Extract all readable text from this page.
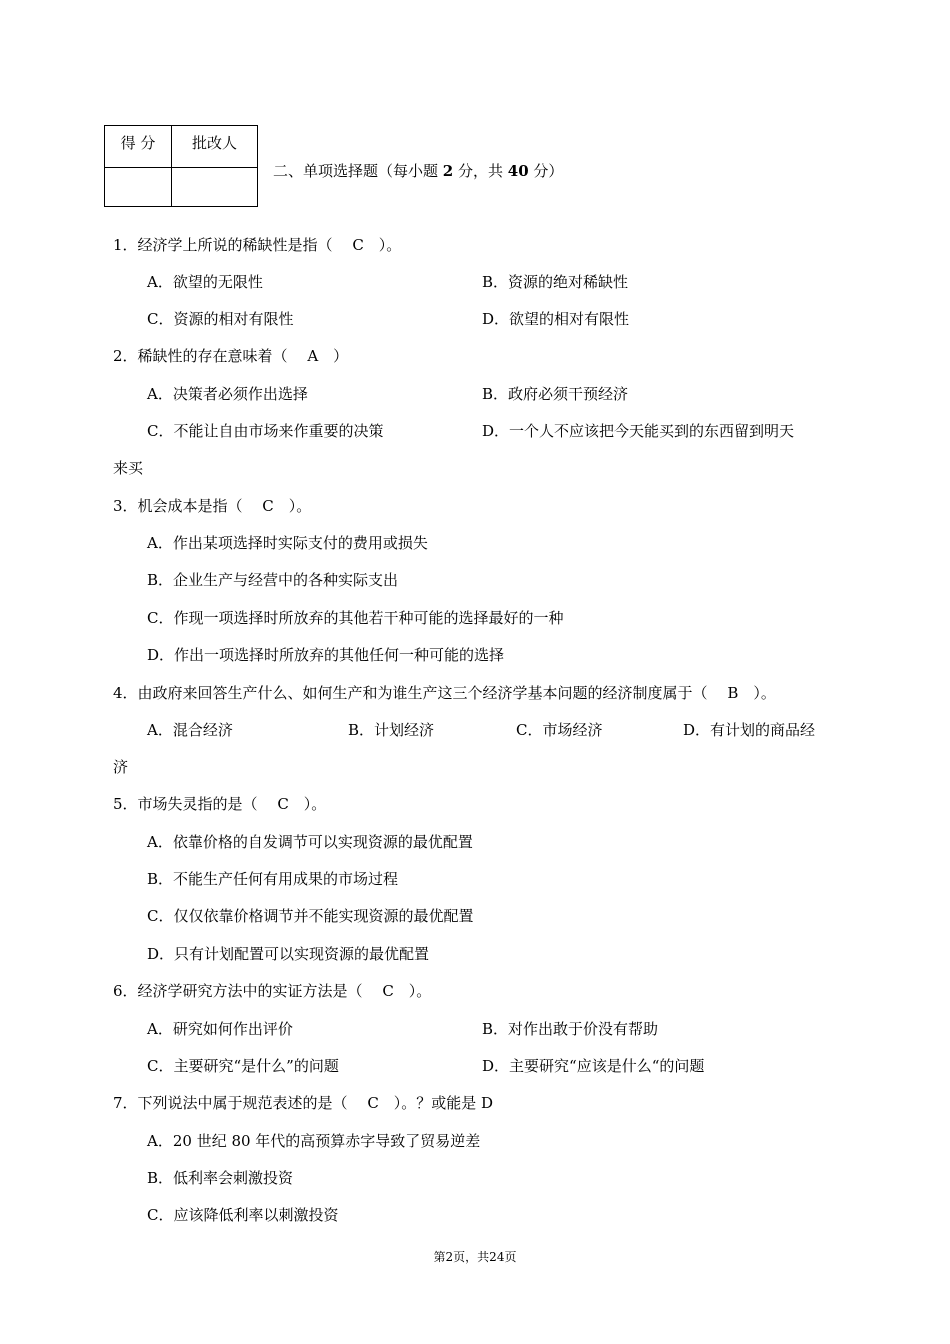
得 分	批改人

二、单项选择题（每小题 2 分，共 40 分）
1．经济学上所说的稀缺性是指（　 C　）。
A．欲望的无限性	B．资源的绝对稀缺性
C．资源的相对有限性	D．欲望的相对有限性
2．稀缺性的存在意味着（　 A　）
A．决策者必须作出选择	B．政府必须干预经济
C．不能让自由市场来作重要的决策	D．一个人不应该把今天能买到的东西留到明天
来买
3．机会成本是指（　 C　）。
A．作出某项选择时实际支付的费用或损失
B．企业生产与经营中的各种实际支出
C．作现一项选择时所放弃的其他若干种可能的选择最好的一种
D．作出一项选择时所放弃的其他任何一种可能的选择
4．由政府来回答生产什么、如何生产和为谁生产这三个经济学基本问题的经济制度属于（　 B　）。
A．混合经济	B．计划经济	C．市场经济	D．有计划的商品经
济
5．市场失灵指的是（　 C　）。
A．依靠价格的自发调节可以实现资源的最优配置
B．不能生产任何有用成果的市场过程
C．仅仅依靠价格调节并不能实现资源的最优配置
D．只有计划配置可以实现资源的最优配置
6．经济学研究方法中的实证方法是（　 C　）。
A．研究如何作出评价	B．对作出敢于价没有帮助
C．主要研究“是什么”的问题	D．主要研究“应该是什么“的问题
7．下列说法中属于规范表述的是（　 C　）。？或能是 D
A．20 世纪 80 年代的高预算赤字导致了贸易逆差
B．低利率会刺激投资
C．应该降低利率以刺激投资
第2页，共24页
